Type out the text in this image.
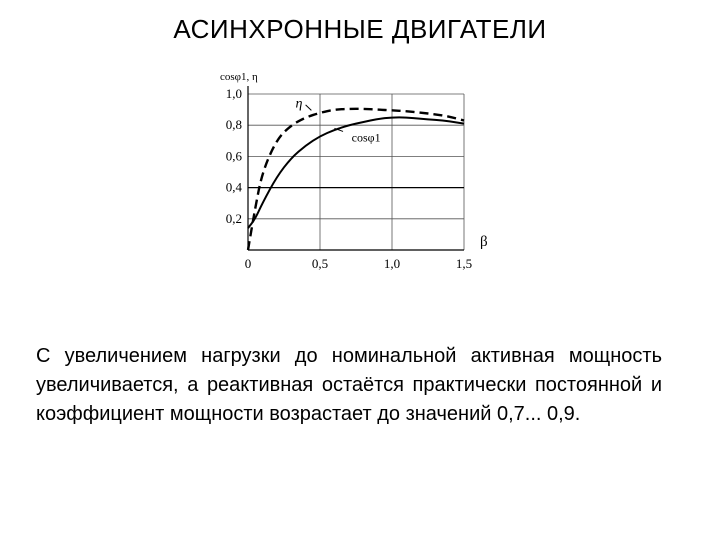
АСИНХРОННЫЕ ДВИГАТЕЛИ
0,2
0,4
0,6
0,8
1,0
0	0,5	1,0	1,5
cosφ1, η
β
η
cosφ1
С увеличением нагрузки до номинальной активная мощность увеличивается, а реактивная остаётся практически постоянной и коэффициент мощности возрастает до значений 0,7... 0,9.
